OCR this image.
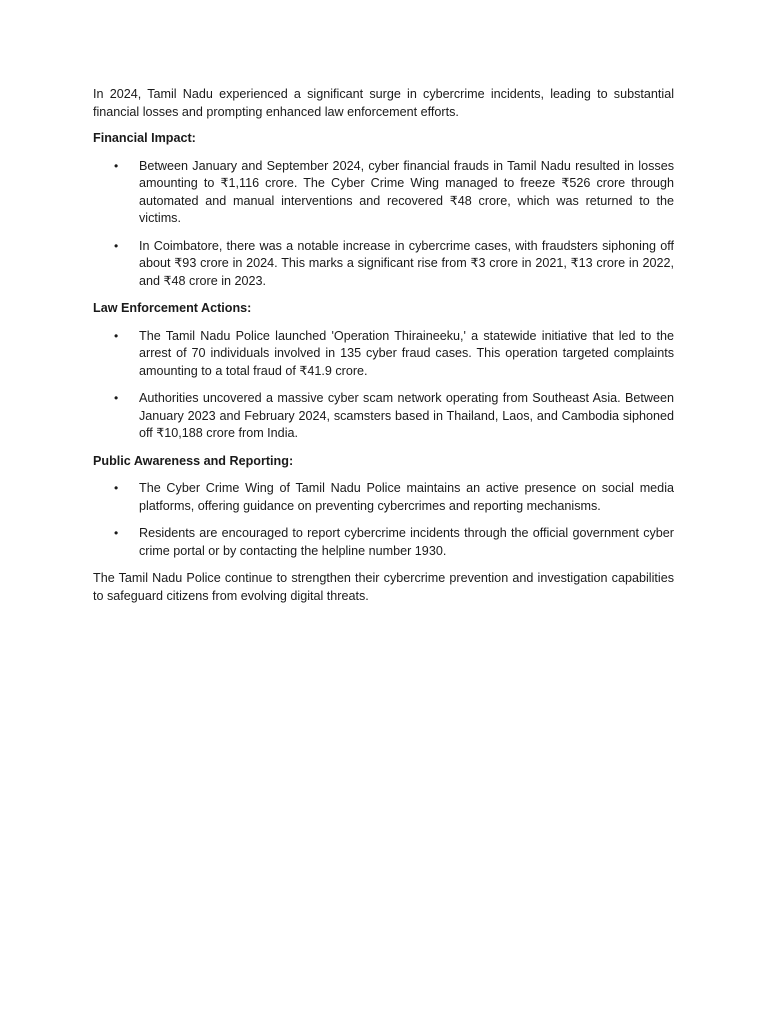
In 2024, Tamil Nadu experienced a significant surge in cybercrime incidents, leading to substantial financial losses and prompting enhanced law enforcement efforts.

Financial Impact:

• Between January and September 2024, cyber financial frauds in Tamil Nadu resulted in losses amounting to ₹1,116 crore. The Cyber Crime Wing managed to freeze ₹526 crore through automated and manual interventions and recovered ₹48 crore, which was returned to the victims.
• In Coimbatore, there was a notable increase in cybercrime cases, with fraudsters siphoning off about ₹93 crore in 2024. This marks a significant rise from ₹3 crore in 2021, ₹13 crore in 2022, and ₹48 crore in 2023.

Law Enforcement Actions:

• The Tamil Nadu Police launched 'Operation Thiraineeku,' a statewide initiative that led to the arrest of 70 individuals involved in 135 cyber fraud cases. This operation targeted complaints amounting to a total fraud of ₹41.9 crore.
• Authorities uncovered a massive cyber scam network operating from Southeast Asia. Between January 2023 and February 2024, scamsters based in Thailand, Laos, and Cambodia siphoned off ₹10,188 crore from India.

Public Awareness and Reporting:

• The Cyber Crime Wing of Tamil Nadu Police maintains an active presence on social media platforms, offering guidance on preventing cybercrimes and reporting mechanisms.
• Residents are encouraged to report cybercrime incidents through the official government cyber crime portal or by contacting the helpline number 1930.

The Tamil Nadu Police continue to strengthen their cybercrime prevention and investigation capabilities to safeguard citizens from evolving digital threats.
